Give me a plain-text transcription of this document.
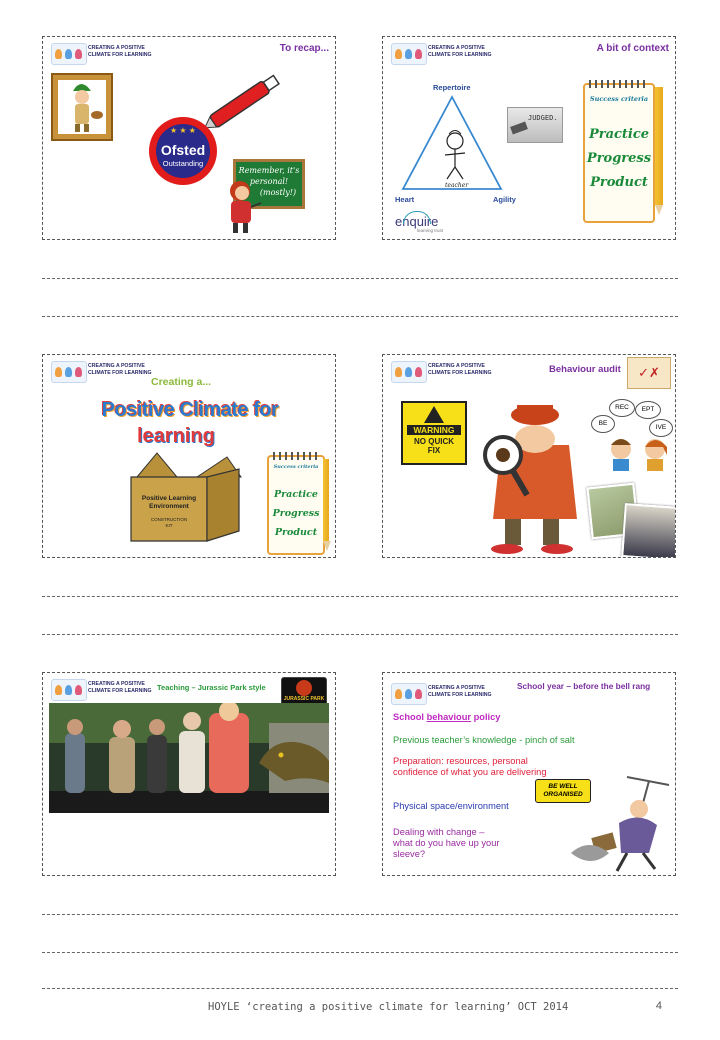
CREATING A POSITIVE
CLIMATE FOR LEARNING
To recap...
★ ★ ★
Ofsted
Outstanding
Remember, it's
personal!
(mostly!)
CREATING A POSITIVE
CLIMATE FOR LEARNING
A bit of context
Repertoire
teacher
Heart	Agility
JUDGED.
enquire
learning trust
Success criteria
Practice
Progress
Product
CREATING A POSITIVE
CLIMATE FOR LEARNING
Creating a...
Positive Climate for
learning
Positive Learning
Environment
CONSTRUCTION
KIT
Success criteria
Practice
Progress
Product
CREATING A POSITIVE
CLIMATE FOR LEARNING	Behaviour audit	✓✗
WARNING
NO QUICK
FIX
BE
REC	EPT
IVE
CREATING A POSITIVE
CLIMATE FOR LEARNING Teaching – Jurassic Park style
JURASSIC PARK
CREATING A POSITIVE
CLIMATE FOR LEARNING
School year – before the bell rang
School behaviour policy
Previous teacher’s knowledge - pinch of salt
Preparation: resources, personal confidence of what you are delivering
Physical space/environment
Dealing with change – what do you have up your sleeve?
BE WELL ORGANISED
HOYLE ‘creating a positive climate for learning’ OCT 2014	4
